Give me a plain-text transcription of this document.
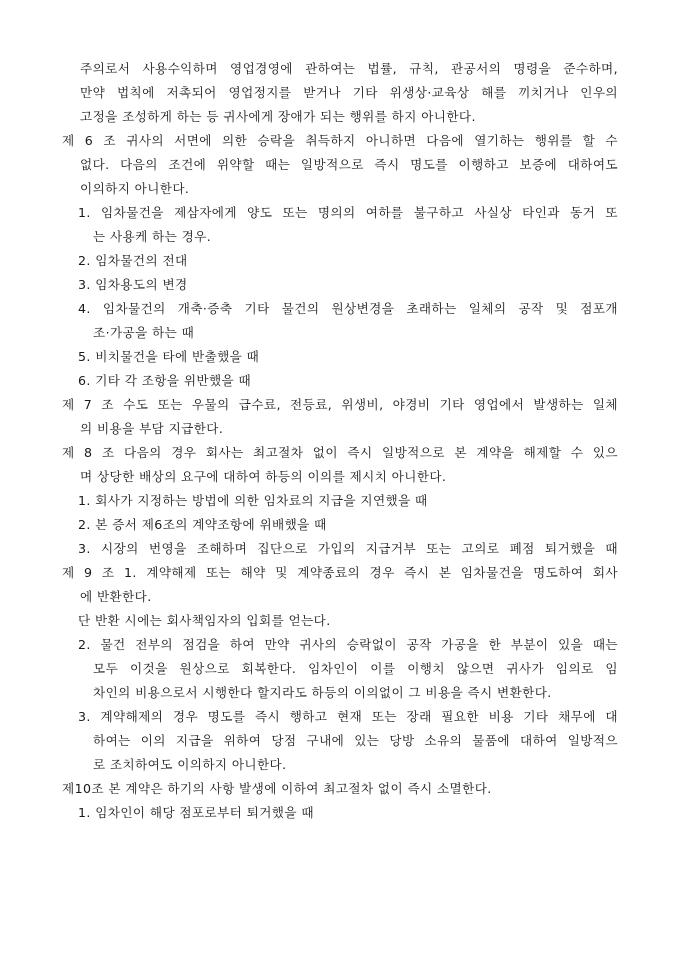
주의로서 사용수익하며 영업경영에 관하여는 법률, 규칙, 관공서의 명령을 준수하며,
만약 법칙에 저촉되어 영업정지를 받거나 기타 위생상·교육상 해를 끼치거나 인우의
고정을 조성하게 하는 등 귀사에게 장애가 되는 행위를 하지 아니한다.
제 6 조 귀사의 서면에 의한 승락을 취득하지 아니하면 다음에 열기하는 행위를 할 수
없다. 다음의 조건에 위약할 때는 일방적으로 즉시 명도를 이행하고 보증에 대하여도
이의하지 아니한다.
1. 임차물건을 제삼자에게 양도 또는 명의의 여하를 불구하고 사실상 타인과 동거 또
는 사용케 하는 경우.
2. 임차물건의 전대
3. 임차용도의 변경
4. 임차물건의 개축·증축 기타 물건의 원상변경을 초래하는 일체의 공작 및 점포개
조·가공을 하는 때
5. 비치물건을 타에 반출했을 때
6. 기타 각 조항을 위반했을 때
제 7 조 수도 또는 우물의 급수료, 전등료, 위생비, 야경비 기타 영업에서 발생하는 일체
의 비용을 부담 지급한다.
제 8 조 다음의 경우 회사는 최고절차 없이 즉시 일방적으로 본 계약을 해제할 수 있으
며 상당한 배상의 요구에 대하여 하등의 이의를 제시치 아니한다.
1. 회사가 지정하는 방법에 의한 임차료의 지급을 지연했을 때
2. 본 증서 제6조의 계약조항에 위배했을 때
3. 시장의 번영을 조해하며 집단으로 가입의 지급거부 또는 고의로 폐점 퇴거했을 때
제 9 조 1. 계약해제 또는 해약 및 계약종료의 경우 즉시 본 임차물건을 명도하여 회사
에 반환한다.
단 반환 시에는 회사책임자의 입회를 얻는다.
2. 물건 전부의 점검을 하여 만약 귀사의 승락없이 공작 가공을 한 부분이 있을 때는
모두 이것을 원상으로 회복한다. 임차인이 이를 이행치 않으면 귀사가 임의로 임
차인의 비용으로서 시행한다 할지라도 하등의 이의없이 그 비용을 즉시 변환한다.
3. 계약해제의 경우 명도를 즉시 행하고 현재 또는 장래 필요한 비용 기타 채무에 대
하여는 이의 지급을 위하여 당점 구내에 있는 당방 소유의 물품에 대하여 일방적으
로 조치하여도 이의하지 아니한다.
제10조 본 계약은 하기의 사항 발생에 이하여 최고절차 없이 즉시 소멸한다.
1. 임차인이 해당 점포로부터 퇴거했을 때
